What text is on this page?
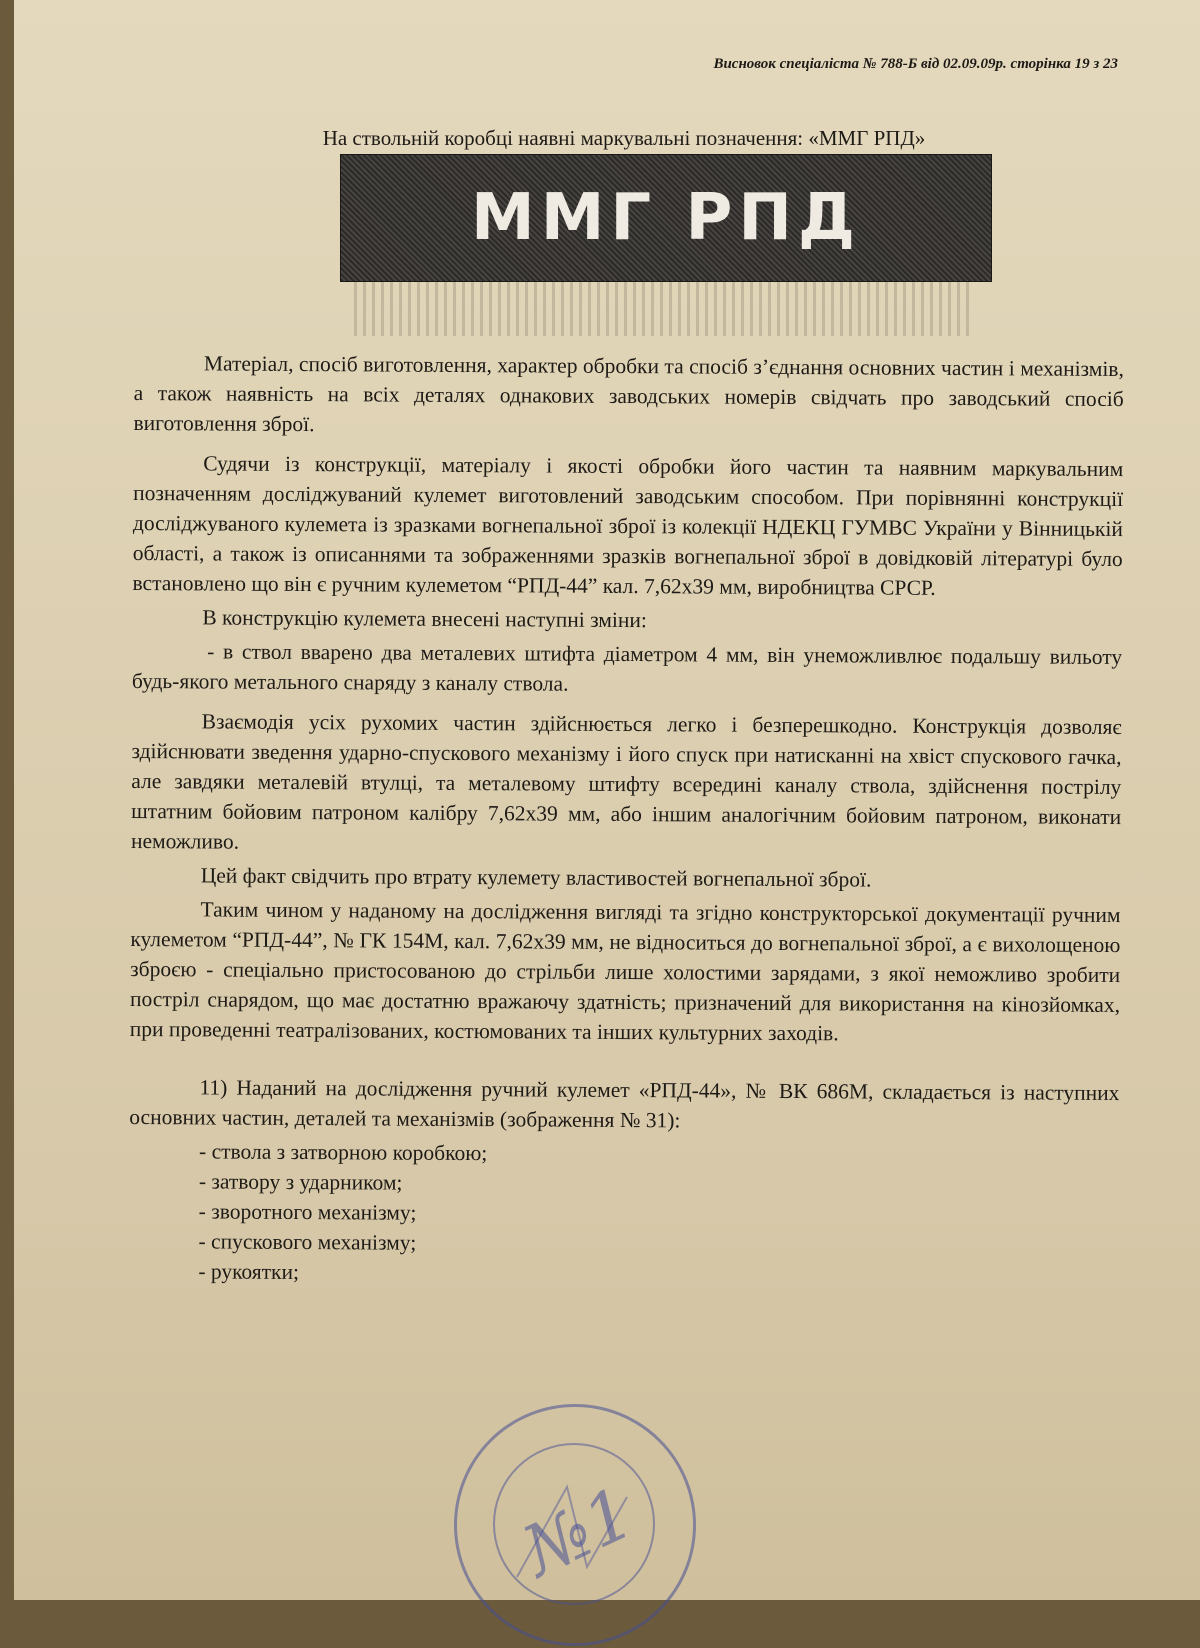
Висновок спеціаліста № 788-Б від 02.09.09р. сторінка 19 з 23
На ствольній коробці наявні маркувальні позначення: «ММГ РПД»
ММГ РПД

Матеріал, спосіб виготовлення, характер обробки та спосіб з’єднання основних частин і механізмів, а також наявність на всіх деталях однакових заводських номерів свідчать про заводський спосіб виготовлення зброї.

Судячи із конструкції, матеріалу і якості обробки його частин та наявним маркувальним позначенням досліджуваний кулемет виготовлений заводським способом. При порівнянні конструкції досліджуваного кулемета із зразками вогнепальної зброї із колекції НДЕКЦ ГУМВС України у Вінницькій області, а також із описаннями та зображеннями зразків вогнепальної зброї в довідковій літературі було встановлено що він є ручним кулеметом “РПД-44” кал. 7,62х39 мм, виробництва СРСР.

В конструкцію кулемета внесені наступні зміни:

- в ствол вварено два металевих штифта діаметром 4 мм, він унеможливлює подальшу вильоту будь-якого метального снаряду з каналу ствола.

Взаємодія усіх рухомих частин здійснюється легко і безперешкодно. Конструкція дозволяє здійснювати зведення ударно-спускового механізму і його спуск при натисканні на хвіст спускового гачка, але завдяки металевій втулці, та металевому штифту всередині каналу ствола, здійснення пострілу штатним бойовим патроном калібру 7,62х39 мм, або іншим аналогічним бойовим патроном, виконати неможливо.

Цей факт свідчить про втрату кулемету властивостей вогнепальної зброї.

Таким чином у наданому на дослідження вигляді та згідно конструкторської документації ручним кулеметом “РПД-44”, № ГК 154М, кал. 7,62х39 мм, не відноситься до вогнепальної зброї, а є вихолощеною зброєю - спеціально пристосованою до стрільби лише холостими зарядами, з якої неможливо зробити постріл снарядом, що має достатню вражаючу здатність; призначений для використання на кінозйомках, при проведенні театралізованих, костюмованих та інших культурних заходів.

11) Наданий на дослідження ручний кулемет «РПД-44», № ВК 686М, складається із наступних основних частин, деталей та механізмів (зображення № 31):

- ствола з затворною коробкою;
- затвору з ударником;
- зворотного механізму;
- спускового механізму;
- рукоятки;
№1
